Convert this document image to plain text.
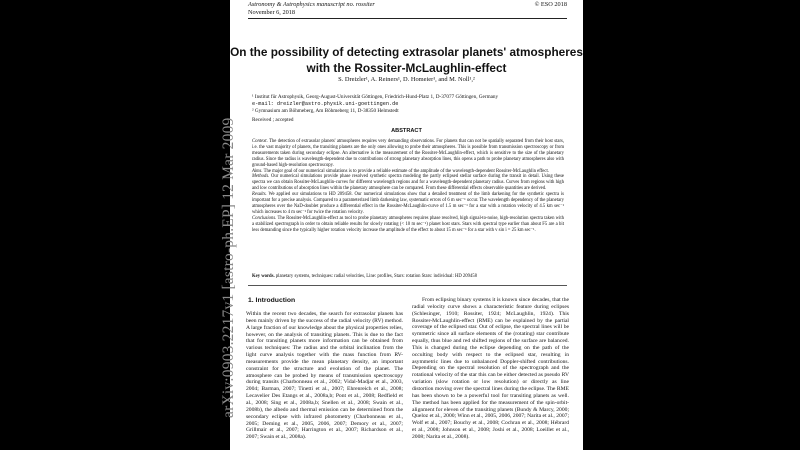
Astronomy & Astrophysics manuscript no. rossiter
November 6, 2018
© ESO 2018
On the possibility of detecting extrasolar planets' atmospheres with the Rossiter-McLaughlin-effect
S. Dreizler¹, A. Reiners¹, D. Homeier¹, and M. Noll¹,²
¹ Institut für Astrophysik, Georg-August-Universität Göttingen, Friedrich-Hund-Platz 1, D-37077 Göttingen, Germany
e-mail: dreizler@astro.physik.uni-goettingen.de
² Gymnasium am Böhmeberg, Am Böhmeberg 11, D-38350 Helmstedt
Received ; accepted
ABSTRACT

Context. The detection of extrasolar planets' atmospheres requires very demanding observations. For planets that can not be spatially separated from their host stars, i.e. the vast majority of planets, the transiting planets are the only ones allowing to probe their atmospheres. This is possible from transmission spectroscopy or from measurements taken during secondary eclipse. An alternative is the measurement of the Rossiter-McLaughlin-effect, which is sensitive to the size of the planetary radius. Since the radius is wavelength-dependent due to contributions of strong planetary absorption lines, this opens a path to probe planetary atmospheres also with ground-based high-resolution spectroscopy.

Aims. The major goal of our numerical simulations is to provide a reliable estimate of the amplitude of the wavelength-dependent Rossiter-McLaughlin effect.

Methods. Our numerical simulations provide phase resolved synthetic spectra modeling the partly eclipsed stellar surface during the transit in detail. Using these spectra we can obtain Rossiter-McLaughlin-curves for different wavelength regions and for a wavelength-dependent planetary radius. Curves from regions with high and low contributions of absorption lines within the planetary atmosphere can be compared. From these differential effects observable quantities are derived.

Results. We applied our simulations to HD 209458. Our numerical simulations show that a detailed treatment of the limb darkening for the synthetic spectra is important for a precise analysis. Compared to a parameterized limb darkening law, systematic errors of 6 m sec⁻¹ occur. The wavelength dependency of the planetary atmospheres over the NaD-doublet produce a differential effect in the Rossiter-McLaughlin-curve of 1.5 m sec⁻¹ for a star with a rotation velocity of 4.5 km sec⁻¹ which increases to 4 m sec⁻¹ for twice the rotation velocity.

Conclusions. The Rossiter-McLaughlin-effect as tool to probe planetary atmospheres requires phase resolved, high signal-to-noise, high-resolution spectra taken with a stabilized spectrograph in order to obtain reliable results for slowly rotating (< 10 m sec⁻¹) planet host stars. Stars with spectral type earlier than about F5 are a bit less demanding since the typically higher rotation velocity increase the amplitude of the effect to about 15 m sec⁻¹ for a star with v sin i = 25 km sec⁻¹.

Key words. planetary systems, techniques: radial velocities, Line: profiles, Stars: rotation Stars: individual: HD 209458
1. Introduction

Within the recent two decades, the search for extrasolar planets has been mainly driven by the success of the radial velocity (RV) method. A large fraction of our knowledge about the physical properties relies, however, on the analysis of transiting planets. This is due to the fact that for transiting planets more information can be obtained from various techniques: The radius and the orbital inclination from the light curve analysis together with the mass function from RV-measurements provide the mean planetary density, an important constraint for the structure and evolution of the planet. The atmosphere can be probed by means of transmission spectroscopy during transits (Charbonneau et al., 2002; Vidal-Madjar et al., 2003, 2004; Barman, 2007; Tinetti et al., 2007; Ehrenreich et al., 2008; Lecavelier Des Etangs et al., 2008a,b; Pont et al., 2008; Redfield et al., 2008; Sing et al., 2008a,b; Snellen et al., 2008; Swain et al., 2008b), the albedo and thermal emission can be determined from the secondary eclipse with infrared photometry (Charbonneau et al., 2005; Deming et al., 2005, 2006, 2007; Demory et al., 2007; Grillmair et al., 2007; Harrington et al., 2007; Richardson et al., 2007; Swain et al., 2008a).

From eclipsing binary systems it is known since decades, that the radial velocity curve shows a characteristic feature during eclipses (Schlesinger, 1910; Rossiter, 1924; McLaughlin, 1924). This Rossiter-McLaughlin-effect (RME) can be explained by the partial coverage of the eclipsed star. Out of eclipse, the spectral lines will be symmetric since all surface elements of the (rotating) star contribute equally, thus blue and red shifted regions of the surface are balanced. This is changed during the eclipse depending on the path of the occulting body with respect to the eclipsed star, resulting in asymmetric lines due to unbalanced Doppler-shifted contributions. Depending on the spectral resolution of the spectrograph and the rotational velocity of the star this can be either detected as pseudo RV variation (slow rotation or low resolution) or directly as line distortion moving over the spectral lines during the eclipse. The RME has been shown to be a powerful tool for transiting planets as well. The method has been applied for the measurement of the spin-orbit-alignment for eleven of the transiting planets (Bundy & Marcy, 2000; Queloz et al., 2000; Winn et al., 2005, 2006, 2007; Narita et al., 2007; Wolf et al., 2007; Bouchy et al., 2008; Cochran et al., 2008; Hébrard et al., 2008; Johnson et al., 2008; Joshi et al., 2008; Loeillet et al., 2008; Narita et al., 2008).

arXiv:0903.2217v1 [astro-ph.EP] 12 Mar 2009
